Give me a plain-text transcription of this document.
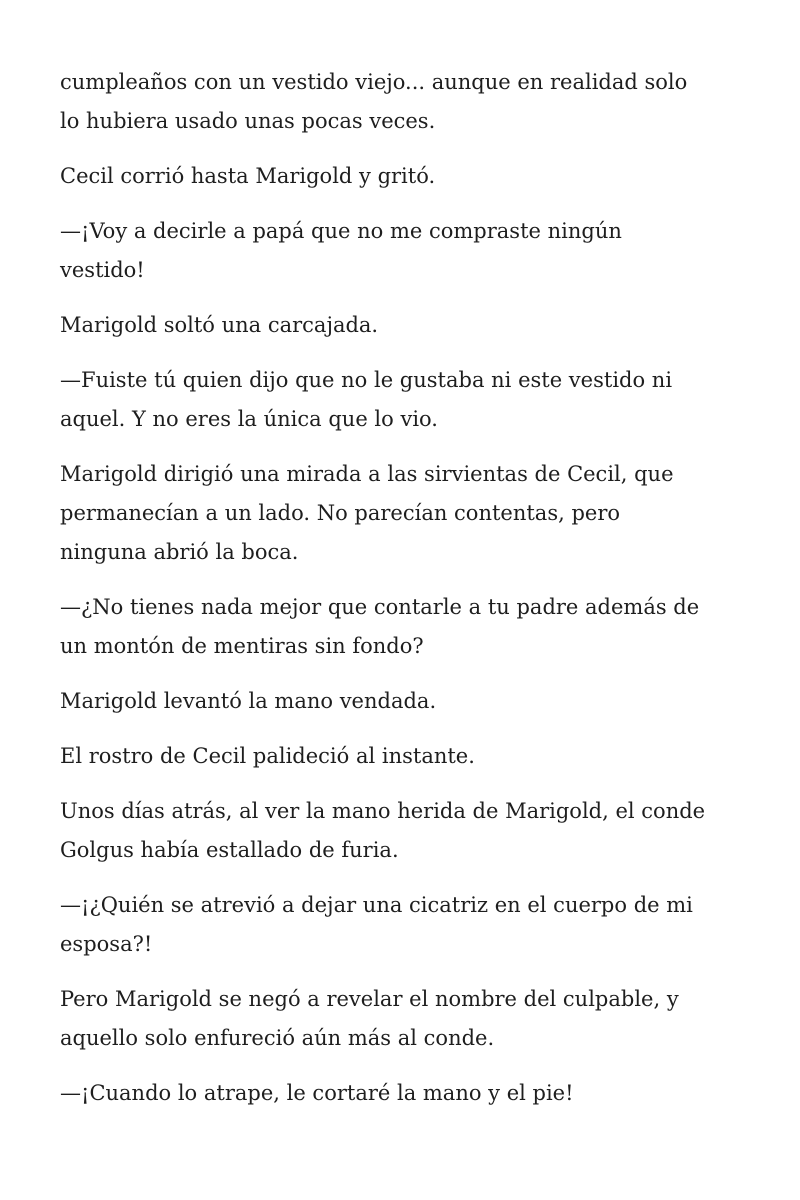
cumpleaños con un vestido viejo... aunque en realidad solo
lo hubiera usado unas pocas veces.

Cecil corrió hasta Marigold y gritó.

—¡Voy a decirle a papá que no me compraste ningún
vestido!

Marigold soltó una carcajada.

—Fuiste tú quien dijo que no le gustaba ni este vestido ni
aquel. Y no eres la única que lo vio.

Marigold dirigió una mirada a las sirvientas de Cecil, que
permanecían a un lado. No parecían contentas, pero
ninguna abrió la boca.

—¿No tienes nada mejor que contarle a tu padre además de
un montón de mentiras sin fondo?

Marigold levantó la mano vendada.

El rostro de Cecil palideció al instante.

Unos días atrás, al ver la mano herida de Marigold, el conde
Golgus había estallado de furia.

—¡¿Quién se atrevió a dejar una cicatriz en el cuerpo de mi
esposa?!

Pero Marigold se negó a revelar el nombre del culpable, y
aquello solo enfureció aún más al conde.

—¡Cuando lo atrape, le cortaré la mano y el pie!
